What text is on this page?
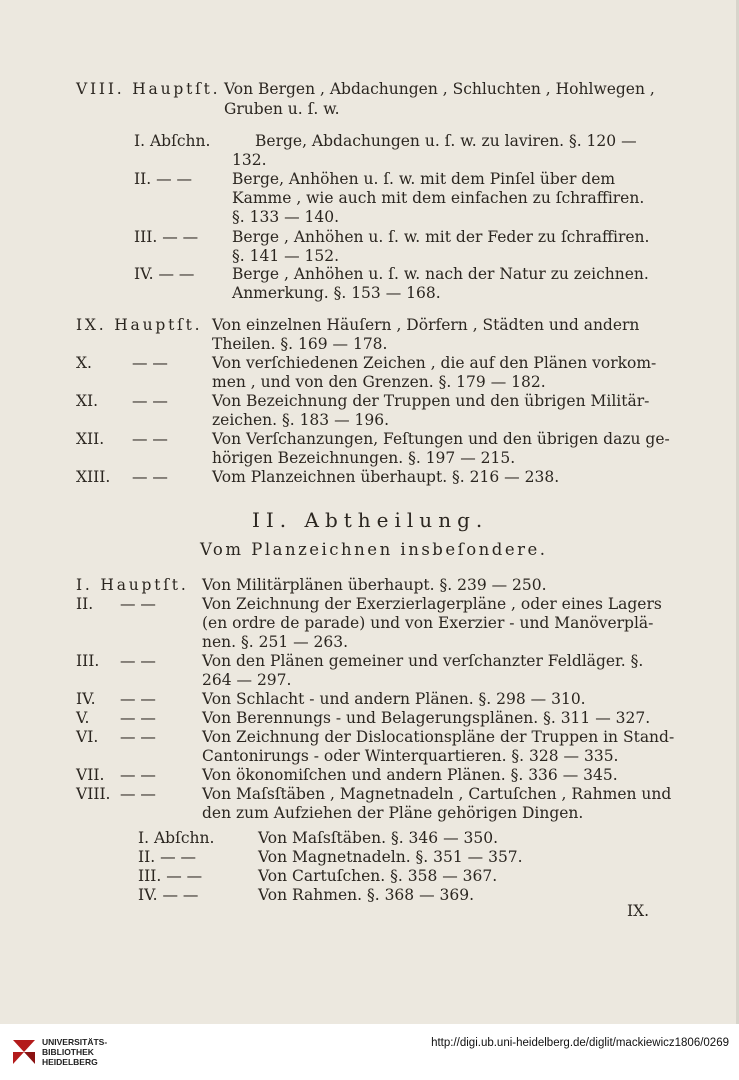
VIII. Hauptſt. Von Bergen , Abdachungen , Schluchten , Hohlwegen ,
Gruben u. ſ. w.
I. Abſchn.	Berge, Abdachungen u. ſ. w. zu laviren. §. 120 —
132.
II. — —	Berge, Anhöhen u. ſ. w. mit dem Pinſel über dem
Kamme , wie auch mit dem einfachen zu ſchraffiren.
§. 133 — 140.
III. — — Berge , Anhöhen u. ſ. w. mit der Feder zu ſchraffiren.
§. 141 — 152.
IV. — — Berge , Anhöhen u. ſ. w. nach der Natur zu zeichnen.
Anmerkung. §. 153 — 168.
IX. Hauptſt. Von einzelnen Häuſern , Dörfern , Städten und andern
Theilen. §. 169 — 178.
X.	— —	Von verſchiedenen Zeichen , die auf den Plänen vorkom-
men , und von den Grenzen. §. 179 — 182.
XI. — —	Von Bezeichnung der Truppen und den übrigen Militär-
zeichen. §. 183 — 196.
XII. — —	Von Verſchanzungen, Feſtungen und den übrigen dazu ge-
hörigen Bezeichnungen. §. 197 — 215.
XIII. — —	Vom Planzeichnen überhaupt. §. 216 — 238.
II. Abtheilung.
Vom Planzeichnen insbeſondere.
I. Hauptſt. Von Militärplänen überhaupt. §. 239 — 250.
II. — —	Von Zeichnung der Exerzierlagerpläne , oder eines Lagers
(en ordre de parade) und von Exerzier - und Manöverplä-
nen. §. 251 — 263.
III. — —	Von den Plänen gemeiner und verſchanzter Feldläger. §.
264 — 297.
IV. — —	Von Schlacht - und andern Plänen. §. 298 — 310.
V. — —	Von Berennungs - und Belagerungsplänen. §. 311 — 327.
VI. — —	Von Zeichnung der Dislocationspläne der Truppen in Stand-
Cantonirungs - oder Winterquartieren. §. 328 — 335.
VII. — —	Von ökonomiſchen und andern Plänen. §. 336 — 345.
VIII. — —	Von Maſsſtäben , Magnetnadeln , Cartuſchen , Rahmen und
den zum Aufziehen der Pläne gehörigen Dingen.
I. Abſchn.	Von Maſsſtäben. §. 346 — 350.
II. — —	Von Magnetnadeln. §. 351 — 357.
III. — —	Von Cartuſchen. §. 358 — 367.
IV. — —	Von Rahmen. §. 368 — 369.
IX.
UNIVERSITÄTS-
BIBLIOTHEK
HEIDELBERG
http://digi.ub.uni-heidelberg.de/diglit/mackiewicz1806/0269
